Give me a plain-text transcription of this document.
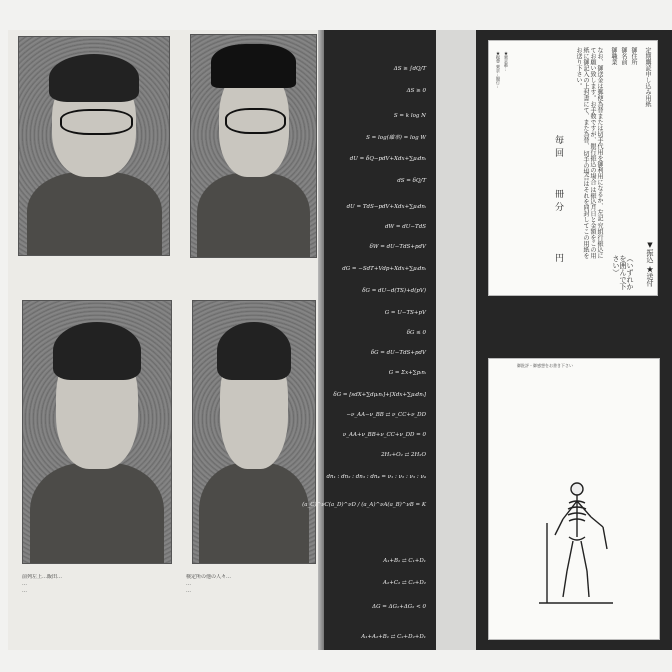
前列左上…飯田…
…
…
検定所の他の人々…
…
…
ΔS ≥ ∫dQ/T
ΔS ≥ 0
S = k log N
S = log(確率) = log W
dU = δQ−pdV+Xdx+∑μᵢdnᵢ
dS = δQ/T
dU = TdS−pdV+Xdx+∑μᵢdnᵢ
dW = dU−TdS
δW = dU−TdS+pdV
dG = −SdT+Vdp+Xdx+∑μᵢdnᵢ
δG = dU−d(TS)+d(pV)
G = U−TS+pV
δG ≤ 0
δG = dU−TdS+pdV
G = Σx+∑pᵢnᵢ
δG = [sdX+∑dμᵢnᵢ]+[Xdx+∑μᵢdnᵢ]
−ν_AA−ν_BB ⇄ ν_CC+ν_DD
ν_AA+ν_BB+ν_CC+ν_DD = 0
2H₂+O₂ ⇄ 2H₂O
dn₁ : dn₂ : dn₃ : dn₄ = ν₁ : ν₂ : ν₃ : ν₄
(a_C)^νC(a_D)^νD / (a_A)^νA(a_B)^νB = K
A₁+B₁ ⇄ C₁+D₁
A₂+C₂ ⇄ C₂+D₂
ΔG = ΔG₁+ΔG₂ < 0
A₁+A₂+B₁ ⇄ C₂+D₂+D₁
定期購読申し込み用紙
御住所
御名前
御職業
なお、御送金は郵便為替または切手代用を御利用になるか、左記 究組行振込にてお願い致します。お手数ですが、銀行振込の場合 は振込月日と金額をこの用紙に御記入の上封書にて、また為替、 切手の場合はそれを同封してこの用紙をお送り下さい。
毎回
冊分
円	▼振込 ★送付
（いずれかを囲んで下さい）
★振替 東京…銀行… ★東京都…
御批評・御感想をお書き下さい
